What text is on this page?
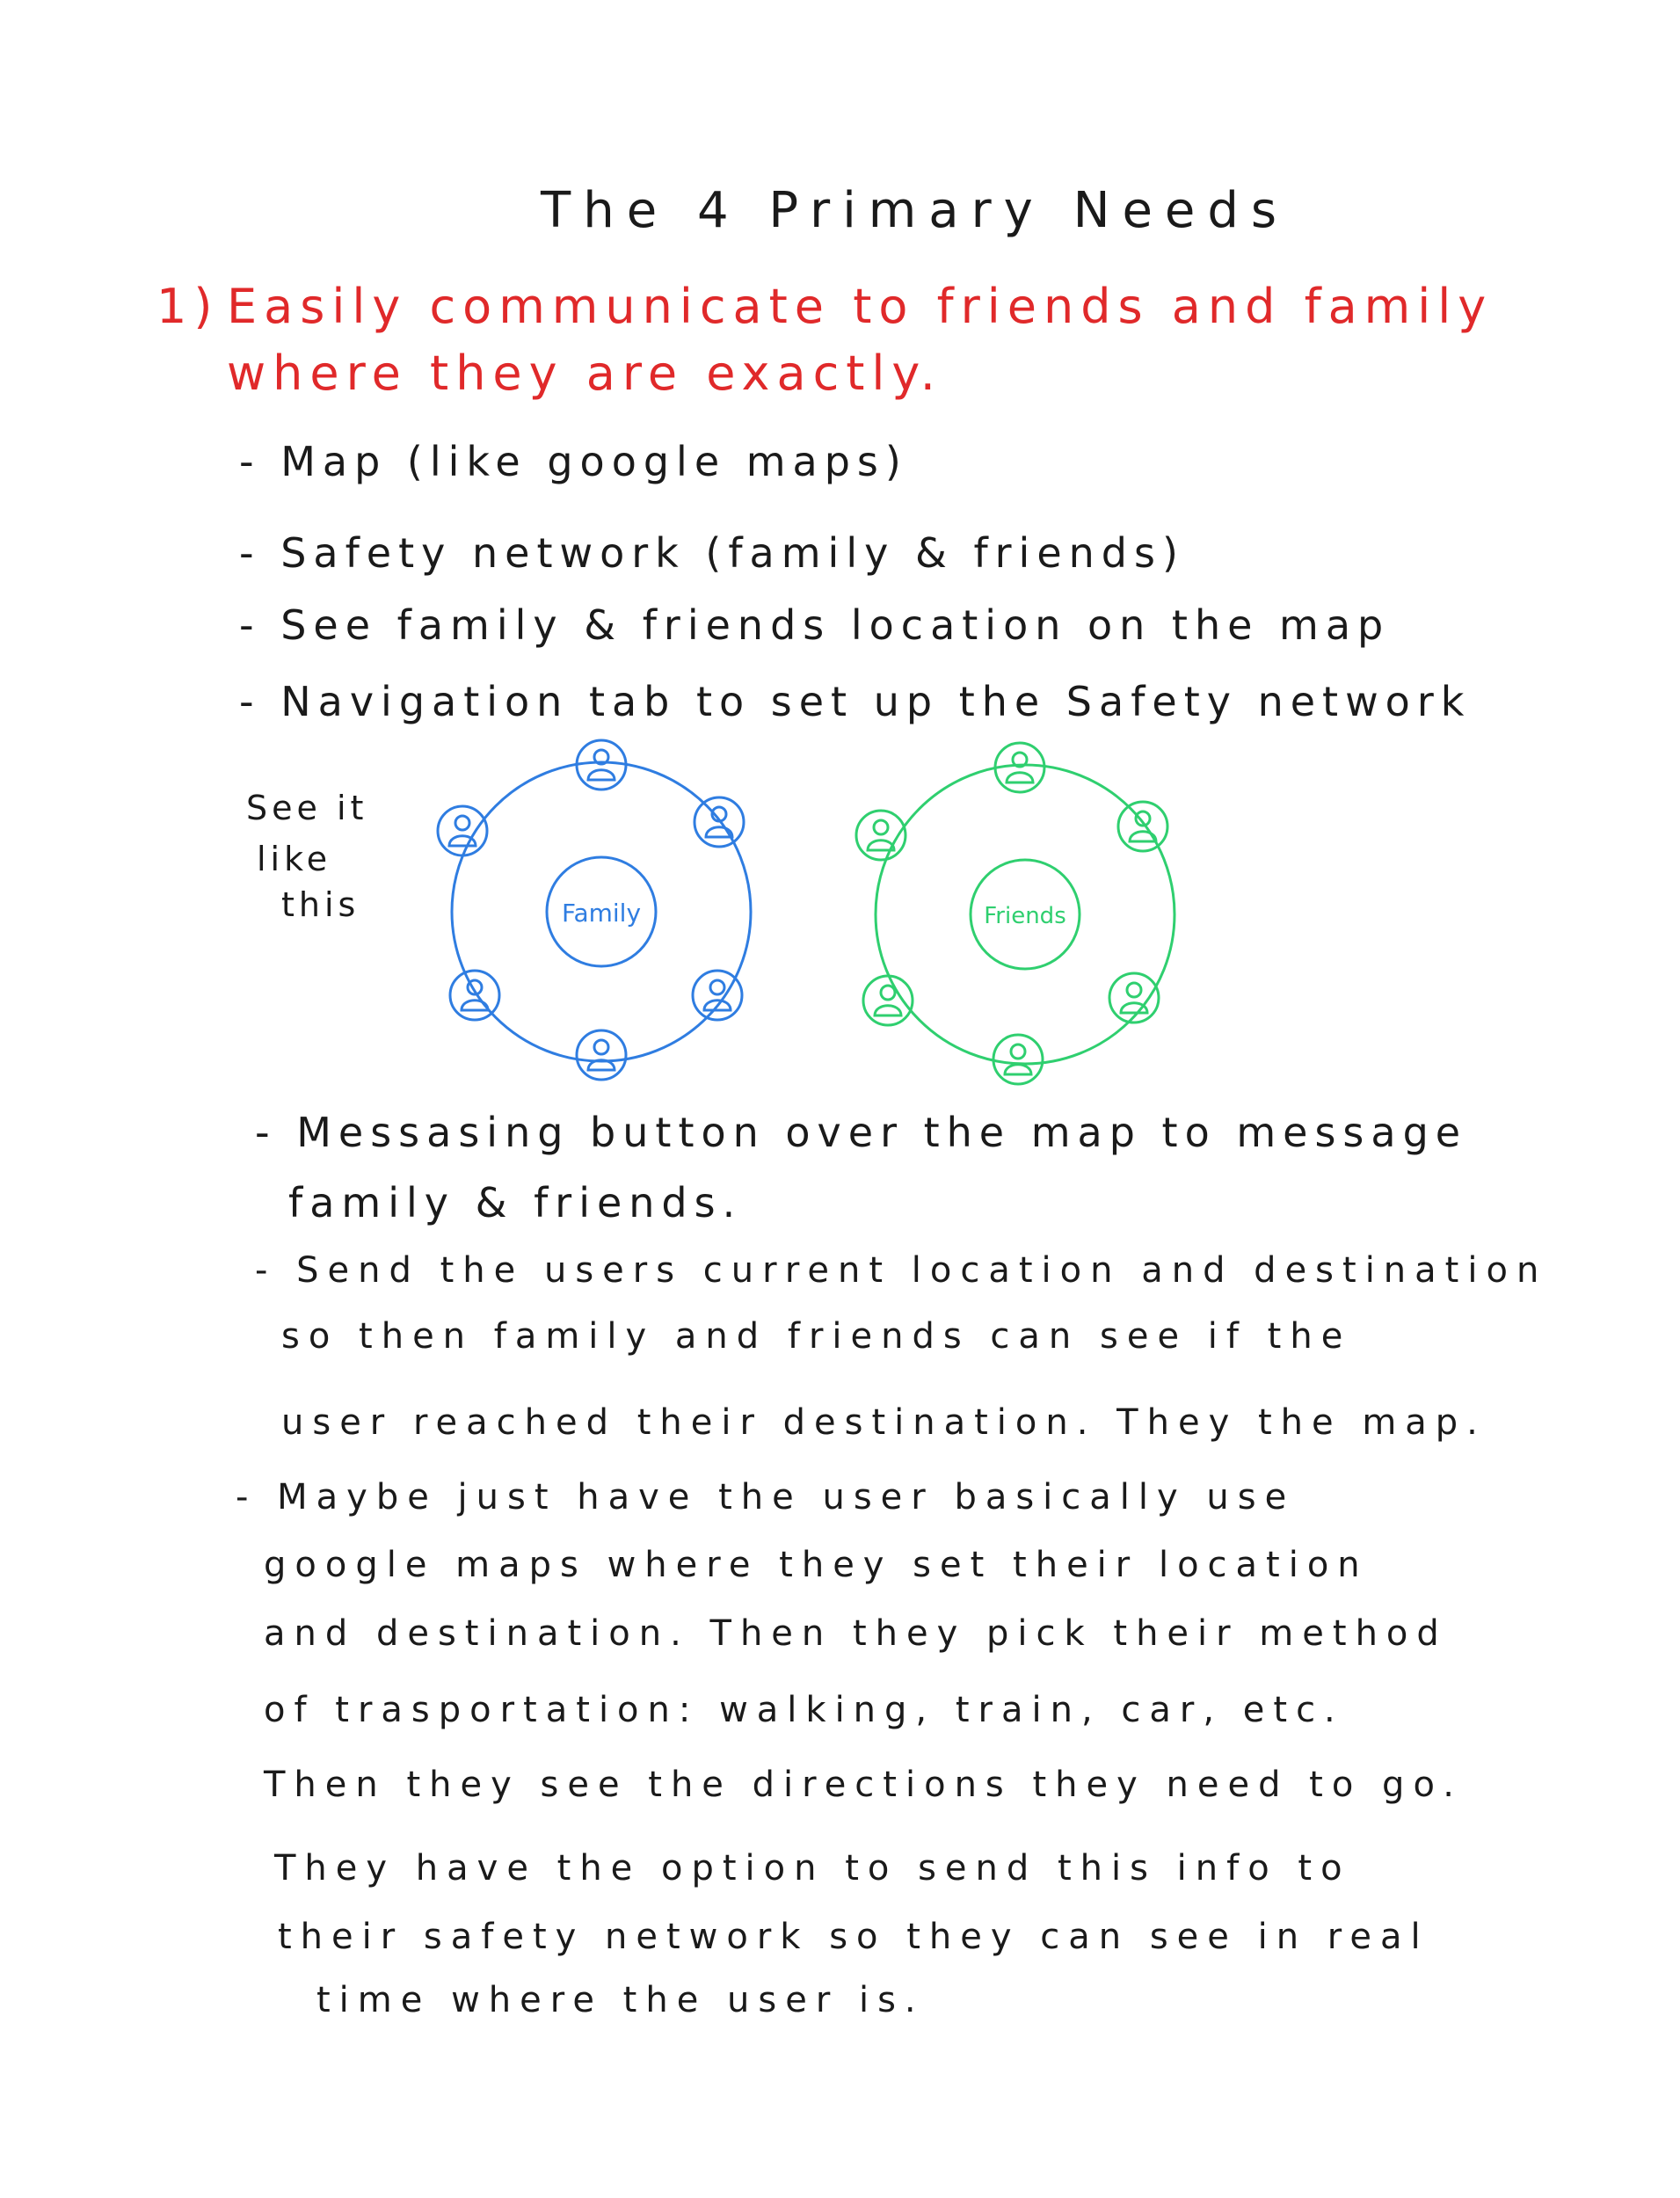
The 4 Primary Needs
1) Easily communicate to friends and family
where they are exactly.
- Map (like google maps)
- Safety network (family & friends)
- See family & friends location on the map
- Navigation tab to set up the Safety network
See it
like
this	Family	Friends
- Messasing button over the map to message
family & friends.
- Send the users current location and destination
so then family and friends can see if the
user reached their destination. They the map.
- Maybe just have the user basically use
google maps where they set their location
and destination. Then they pick their method
of trasportation: walking, train, car, etc.
Then they see the directions they need to go.
They have the option to send this info to
their safety network so they can see in real
time where the user is.
